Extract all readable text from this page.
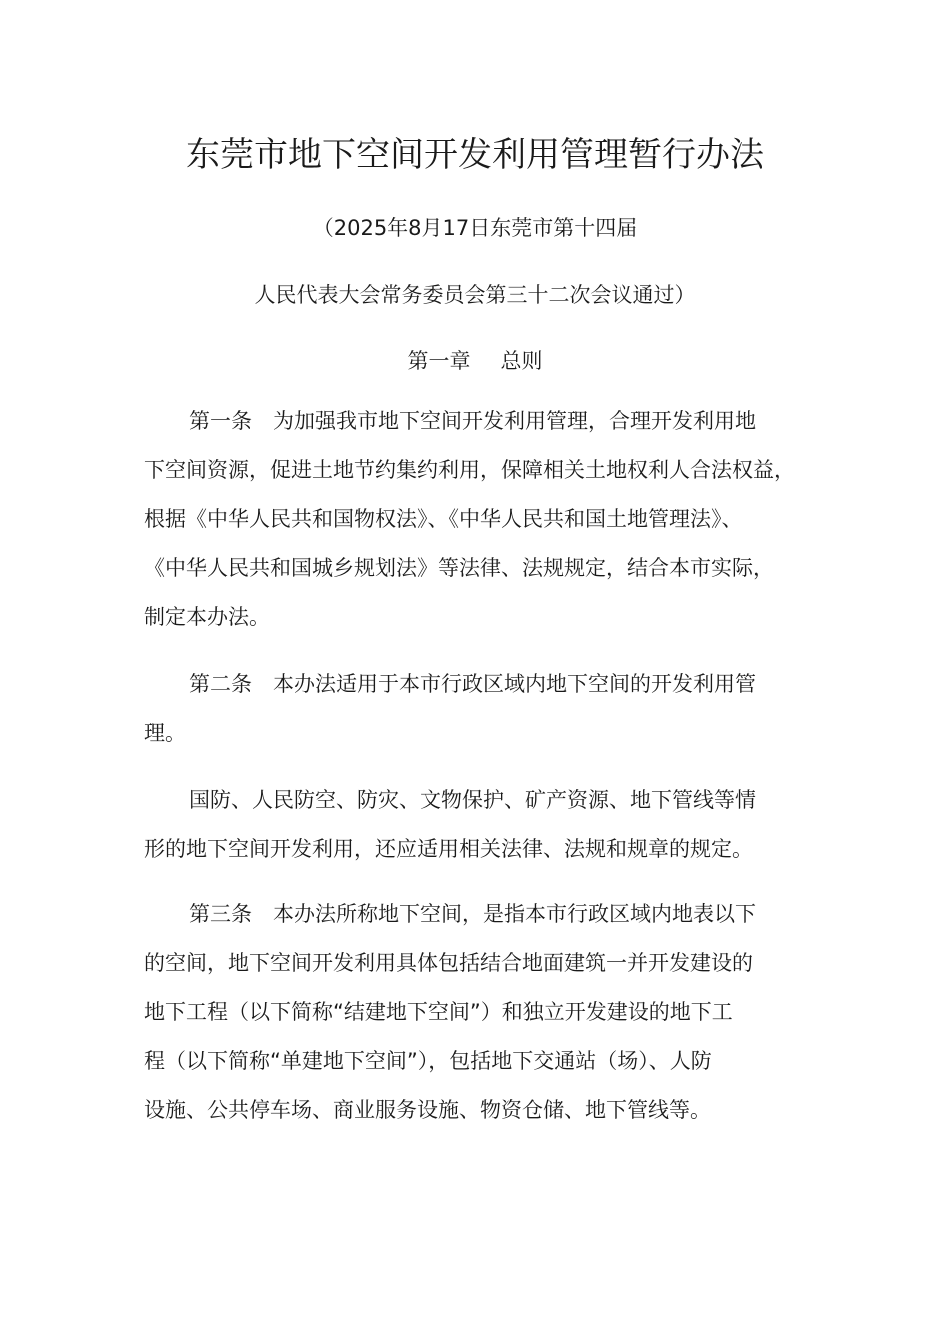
东莞市地下空间开发利用管理暂行办法
（2025年8月17日东莞市第十四届
人民代表大会常务委员会第三十二次会议通过）
第一章 总则
第一条 为加强我市地下空间开发利用管理，合理开发利用地
下空间资源，促进土地节约集约利用，保障相关土地权利人合法权益，
根据《中华人民共和国物权法》、《中华人民共和国土地管理法》、
《中华人民共和国城乡规划法》等法律、法规规定，结合本市实际，
制定本办法。
第二条 本办法适用于本市行政区域内地下空间的开发利用管
理。
国防、人民防空、防灾、文物保护、矿产资源、地下管线等情
形的地下空间开发利用，还应适用相关法律、法规和规章的规定。
第三条 本办法所称地下空间，是指本市行政区域内地表以下
的空间，地下空间开发利用具体包括结合地面建筑一并开发建设的
地下工程（以下简称“结建地下空间”）和独立开发建设的地下工
程（以下简称“单建地下空间”），包括地下交通站（场）、人防
设施、公共停车场、商业服务设施、物资仓储、地下管线等。
